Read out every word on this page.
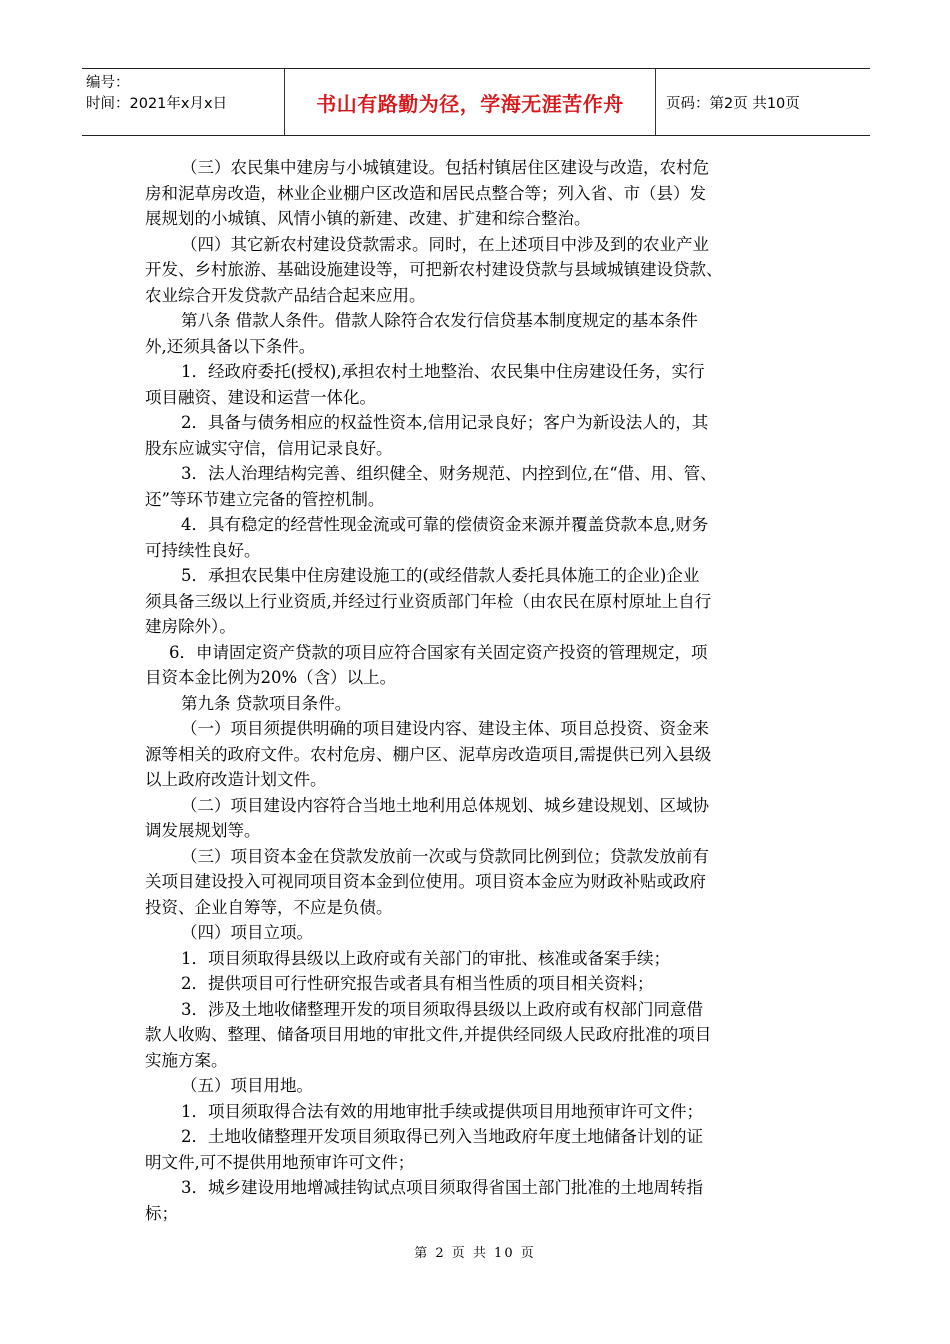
编号：
时间：2021年x月x日	书山有路勤为径，学海无涯苦作舟	页码：第2页 共10页
（三）农民集中建房与小城镇建设。包括村镇居住区建设与改造，农村危
房和泥草房改造，林业企业棚户区改造和居民点整合等；列入省、市（县）发
展规划的小城镇、风情小镇的新建、改建、扩建和综合整治。
（四）其它新农村建设贷款需求。同时，在上述项目中涉及到的农业产业
开发、乡村旅游、基础设施建设等，可把新农村建设贷款与县域城镇建设贷款、
农业综合开发贷款产品结合起来应用。
第八条 借款人条件。借款人除符合农发行信贷基本制度规定的基本条件
外,还须具备以下条件。
1．经政府委托(授权),承担农村土地整治、农民集中住房建设任务，实行
项目融资、建设和运营一体化。
2．具备与债务相应的权益性资本,信用记录良好；客户为新设法人的，其
股东应诚实守信，信用记录良好。
3．法人治理结构完善、组织健全、财务规范、内控到位,在“借、用、管、
还”等环节建立完备的管控机制。
4．具有稳定的经营性现金流或可靠的偿债资金来源并覆盖贷款本息,财务
可持续性良好。
5．承担农民集中住房建设施工的(或经借款人委托具体施工的企业)企业
须具备三级以上行业资质,并经过行业资质部门年检（由农民在原村原址上自行
建房除外）。
6．申请固定资产贷款的项目应符合国家有关固定资产投资的管理规定，项
目资本金比例为20%（含）以上。
第九条 贷款项目条件。
（一）项目须提供明确的项目建设内容、建设主体、项目总投资、资金来
源等相关的政府文件。农村危房、棚户区、泥草房改造项目,需提供已列入县级
以上政府改造计划文件。
（二）项目建设内容符合当地土地利用总体规划、城乡建设规划、区域协
调发展规划等。
（三）项目资本金在贷款发放前一次或与贷款同比例到位；贷款发放前有
关项目建设投入可视同项目资本金到位使用。项目资本金应为财政补贴或政府
投资、企业自筹等，不应是负债。
（四）项目立项。
1．项目须取得县级以上政府或有关部门的审批、核准或备案手续；
2．提供项目可行性研究报告或者具有相当性质的项目相关资料；
3．涉及土地收储整理开发的项目须取得县级以上政府或有权部门同意借
款人收购、整理、储备项目用地的审批文件,并提供经同级人民政府批准的项目
实施方案。
（五）项目用地。
1．项目须取得合法有效的用地审批手续或提供项目用地预审许可文件；
2．土地收储整理开发项目须取得已列入当地政府年度土地储备计划的证
明文件,可不提供用地预审许可文件；
3．城乡建设用地增减挂钩试点项目须取得省国土部门批准的土地周转指
标；
第 2 页 共 10 页
